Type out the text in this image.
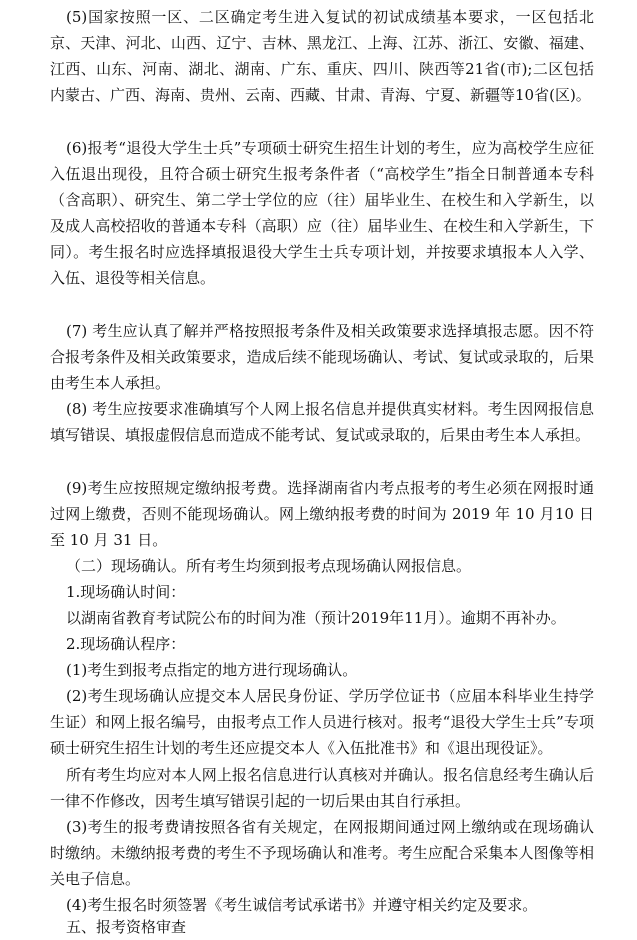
(5)国家按照一区、二区确定考生进入复试的初试成绩基本要求，一区包括北京、天津、河北、山西、辽宁、吉林、黑龙江、上海、江苏、浙江、安徽、福建、江西、山东、河南、湖北、湖南、广东、重庆、四川、陕西等21省(市);二区包括内蒙古、广西、海南、贵州、云南、西藏、甘肃、青海、宁夏、新疆等10省(区)。

(6)报考“退役大学生士兵”专项硕士研究生招生计划的考生，应为高校学生应征入伍退出现役，且符合硕士研究生报考条件者（“高校学生”指全日制普通本专科（含高职）、研究生、第二学士学位的应（往）届毕业生、在校生和入学新生，以及成人高校招收的普通本专科（高职）应（往）届毕业生、在校生和入学新生，下同）。考生报名时应选择填报退役大学生士兵专项计划，并按要求填报本人入学、入伍、退役等相关信息。

(7) 考生应认真了解并严格按照报考条件及相关政策要求选择填报志愿。因不符合报考条件及相关政策要求，造成后续不能现场确认、考试、复试或录取的，后果由考生本人承担。

(8) 考生应按要求准确填写个人网上报名信息并提供真实材料。考生因网报信息填写错误、填报虚假信息而造成不能考试、复试或录取的，后果由考生本人承担。

(9)考生应按照规定缴纳报考费。选择湖南省内考点报考的考生必须在网报时通过网上缴费，否则不能现场确认。网上缴纳报考费的时间为 2019 年 10 月10 日至 10 月 31 日。

（二）现场确认。所有考生均须到报考点现场确认网报信息。

1.现场确认时间：

以湖南省教育考试院公布的时间为准（预计2019年11月）。逾期不再补办。

2.现场确认程序：

(1)考生到报考点指定的地方进行现场确认。

(2)考生现场确认应提交本人居民身份证、学历学位证书（应届本科毕业生持学生证）和网上报名编号，由报考点工作人员进行核对。报考“退役大学生士兵”专项硕士研究生招生计划的考生还应提交本人《入伍批准书》和《退出现役证》。

所有考生均应对本人网上报名信息进行认真核对并确认。报名信息经考生确认后一律不作修改，因考生填写错误引起的一切后果由其自行承担。

(3)考生的报考费请按照各省有关规定，在网报期间通过网上缴纳或在现场确认时缴纳。未缴纳报考费的考生不予现场确认和准考。考生应配合采集本人图像等相关电子信息。

(4)考生报名时须签署《考生诚信考试承诺书》并遵守相关约定及要求。

五、报考资格审查
